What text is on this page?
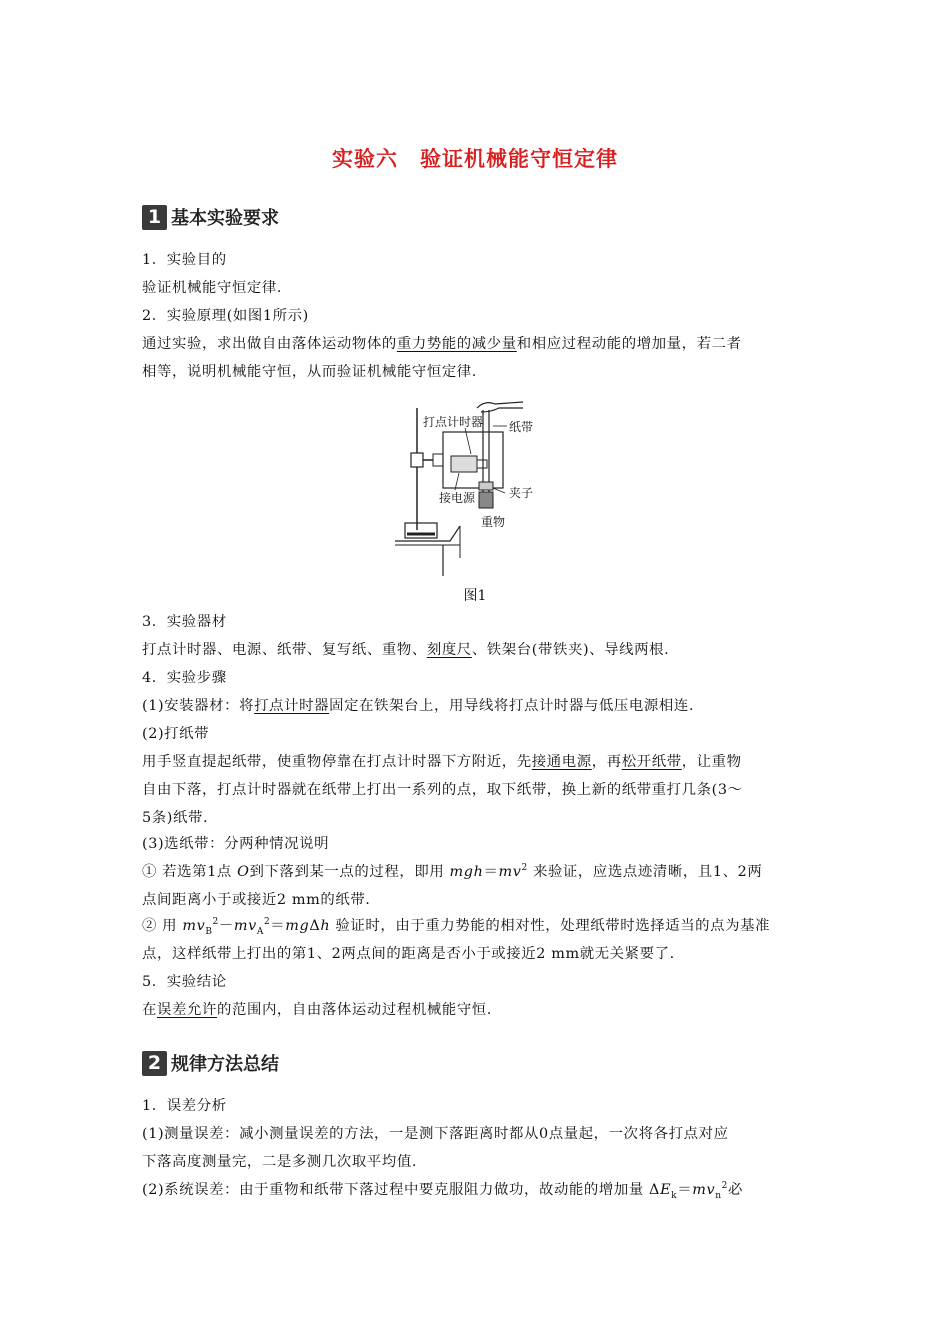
实验六　验证机械能守恒定律
1 基本实验要求
1．实验目的
验证机械能守恒定律.
2．实验原理(如图1所示)
通过实验，求出做自由落体运动物体的重力势能的减少量和相应过程动能的增加量，若二者
相等，说明机械能守恒，从而验证机械能守恒定律.
打点计时器 纸带
接电源	夹子
重物
图1
3．实验器材
打点计时器、电源、纸带、复写纸、重物、刻度尺、铁架台(带铁夹)、导线两根.
4．实验步骤
(1)安装器材：将打点计时器固定在铁架台上，用导线将打点计时器与低压电源相连.
(2)打纸带
用手竖直提起纸带，使重物停靠在打点计时器下方附近，先接通电源，再松开纸带，让重物
自由下落，打点计时器就在纸带上打出一系列的点，取下纸带，换上新的纸带重打几条(3～
5条)纸带.
(3)选纸带：分两种情况说明
① 若选第1点 O到下落到某一点的过程，即用 $mgh=mv^2$ 来验证，应选点迹清晰，且1、2两
点间距离小于或接近2 mm的纸带.
② 用 $mv_B^2-mv_A^2=mg\Delta h$ 验证时，由于重力势能的相对性，处理纸带时选择适当的点为基准
点，这样纸带上打出的第1、2两点间的距离是否小于或接近2 mm就无关紧要了.
5．实验结论
在误差允许的范围内，自由落体运动过程机械能守恒.
2 规律方法总结
1．误差分析
(1)测量误差：减小测量误差的方法，一是测下落距离时都从0点量起，一次将各打点对应
下落高度测量完，二是多测几次取平均值.
(2)系统误差：由于重物和纸带下落过程中要克服阻力做功，故动能的增加量 $\Delta E_k=mv_n^2$必
